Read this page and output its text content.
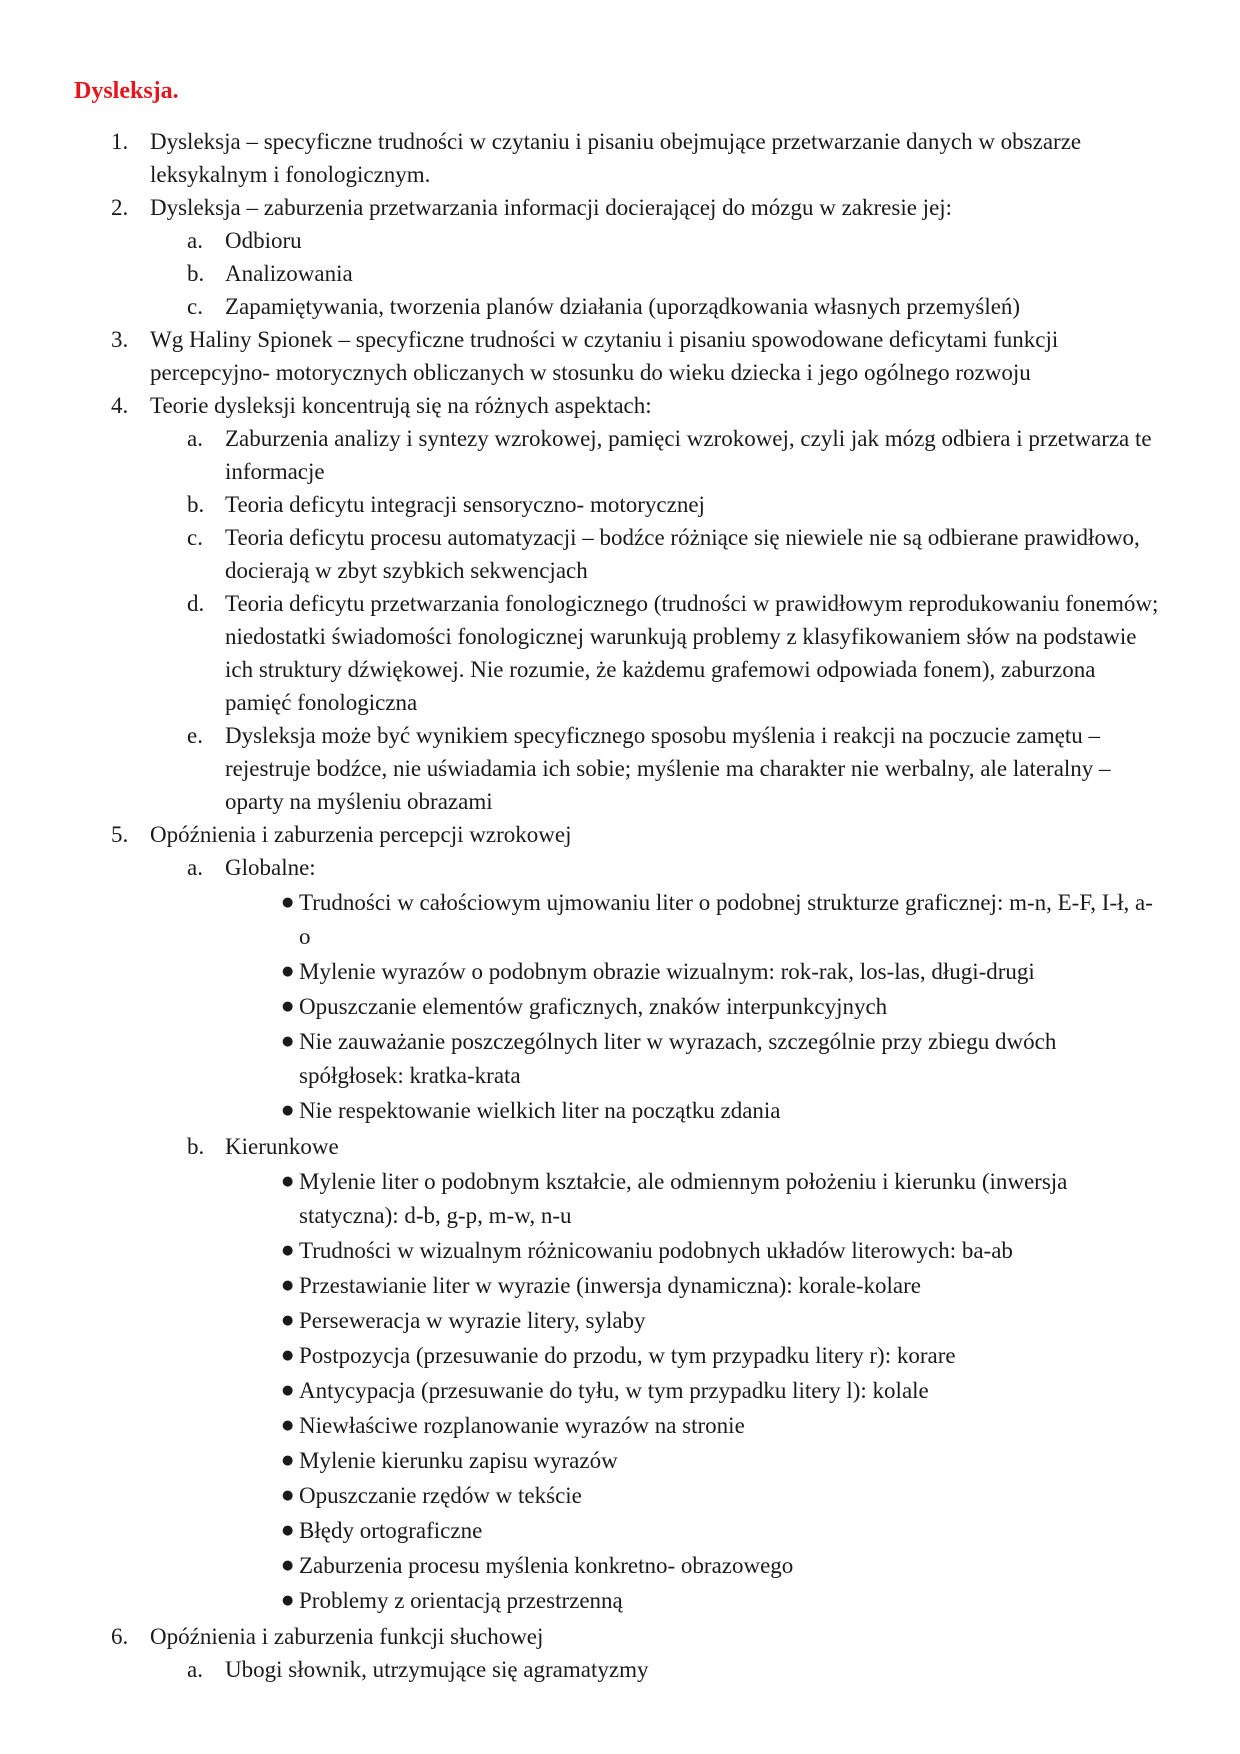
Dysleksja.
1. Dysleksja – specyficzne trudności w czytaniu i pisaniu obejmujące przetwarzanie danych w obszarze leksykalnym i fonologicznym.
2. Dysleksja – zaburzenia przetwarzania informacji docierającej do mózgu w zakresie jej:
a. Odbioru
b. Analizowania
c. Zapamiętywania, tworzenia planów działania (uporządkowania własnych przemyśleń)
3. Wg Haliny Spionek – specyficzne trudności w czytaniu i pisaniu spowodowane deficytami funkcji percepcyjno- motorycznych obliczanych w stosunku do wieku dziecka i jego ogólnego rozwoju
4. Teorie dysleksji koncentrują się na różnych aspektach:
a. Zaburzenia analizy i syntezy wzrokowej, pamięci wzrokowej, czyli jak mózg odbiera i przetwarza te informacje
b. Teoria deficytu integracji sensoryczno- motorycznej
c. Teoria deficytu procesu automatyzacji – bodźce różniące się niewiele nie są odbierane prawidłowo, docierają w zbyt szybkich sekwencjach
d. Teoria deficytu przetwarzania fonologicznego (trudności w prawidłowym reprodukowaniu fonemów; niedostatki świadomości fonologicznej warunkują problemy z klasyfikowaniem słów na podstawie ich struktury dźwiękowej. Nie rozumie, że każdemu grafemowi odpowiada fonem), zaburzona pamięć fonologiczna
e. Dysleksja może być wynikiem specyficznego sposobu myślenia i reakcji na poczucie zamętu – rejestruje bodźce, nie uświadamia ich sobie; myślenie ma charakter nie werbalny, ale lateralny – oparty na myśleniu obrazami
5. Opóźnienia i zaburzenia percepcji wzrokowej
a. Globalne:
● Trudności w całościowym ujmowaniu liter o podobnej strukturze graficznej: m-n, E-F, I-ł, a-o
● Mylenie wyrazów o podobnym obrazie wizualnym: rok-rak, los-las, długi-drugi
● Opuszczanie elementów graficznych, znaków interpunkcyjnych
● Nie zauważanie poszczególnych liter w wyrazach, szczególnie przy zbiegu dwóch spółgłosek: kratka-krata
● Nie respektowanie wielkich liter na początku zdania
b. Kierunkowe
● Mylenie liter o podobnym kształcie, ale odmiennym położeniu i kierunku (inwersja statyczna): d-b, g-p, m-w, n-u
● Trudności w wizualnym różnicowaniu podobnych układów literowych: ba-ab
● Przestawianie liter w wyrazie (inwersja dynamiczna): korale-kolare
● Perseweracja w wyrazie litery, sylaby
● Postpozycja (przesuwanie do przodu, w tym przypadku litery r): korare
● Antycypacja (przesuwanie do tyłu, w tym przypadku litery l): kolale
● Niewłaściwe rozplanowanie wyrazów na stronie
● Mylenie kierunku zapisu wyrazów
● Opuszczanie rzędów w tekście
● Błędy ortograficzne
● Zaburzenia procesu myślenia konkretno- obrazowego
● Problemy z orientacją przestrzenną
6. Opóźnienia i zaburzenia funkcji słuchowej
a. Ubogi słownik, utrzymujące się agramatyzmy
